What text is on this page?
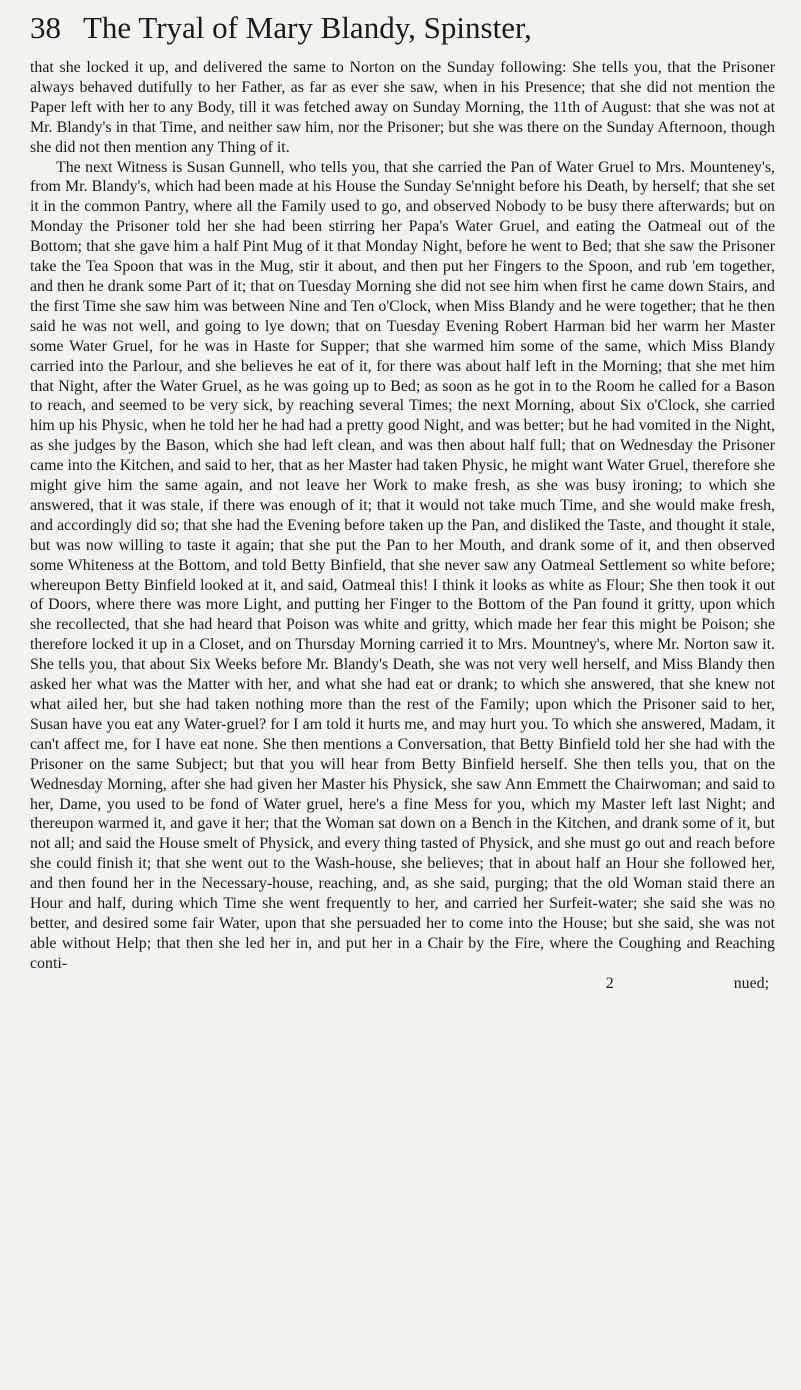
38 The Tryal of Mary Blandy, Spinster,

that she locked it up, and delivered the same to Norton on the Sunday following: She tells you, that the Prisoner always behaved dutifully to her Father, as far as ever she saw, when in his Presence; that she did not mention the Paper left with her to any Body, till it was fetched away on Sunday Morning, the 11th of August: that she was not at Mr. Blandy's in that Time, and neither saw him, nor the Prisoner; but she was there on the Sunday Afternoon, though she did not then mention any Thing of it.

The next Witness is Susan Gunnell, who tells you, that she carried the Pan of Water Gruel to Mrs. Mounteney's, from Mr. Blandy's, which had been made at his House the Sunday Se'nnight before his Death, by herself; that she set it in the common Pantry, where all the Family used to go, and observed Nobody to be busy there afterwards; but on Monday the Prisoner told her she had been stirring her Papa's Water Gruel, and eating the Oatmeal out of the Bottom; that she gave him a half Pint Mug of it that Monday Night, before he went to Bed; that she saw the Prisoner take the Tea Spoon that was in the Mug, stir it about, and then put her Fingers to the Spoon, and rub 'em together, and then he drank some Part of it; that on Tuesday Morning she did not see him when first he came down Stairs, and the first Time she saw him was between Nine and Ten o'Clock, when Miss Blandy and he were together; that he then said he was not well, and going to lye down; that on Tuesday Evening Robert Harman bid her warm her Master some Water Gruel, for he was in Haste for Supper; that she warmed him some of the same, which Miss Blandy carried into the Parlour, and she believes he eat of it, for there was about half left in the Morning; that she met him that Night, after the Water Gruel, as he was going up to Bed; as soon as he got in to the Room he called for a Bason to reach, and seemed to be very sick, by reaching several Times; the next Morning, about Six o'Clock, she carried him up his Physic, when he told her he had had a pretty good Night, and was better; but he had vomited in the Night, as she judges by the Bason, which she had left clean, and was then about half full; that on Wednesday the Prisoner came into the Kitchen, and said to her, that as her Master had taken Physic, he might want Water Gruel, therefore she might give him the same again, and not leave her Work to make fresh, as she was busy ironing; to which she answered, that it was stale, if there was enough of it; that it would not take much Time, and she would make fresh, and accordingly did so; that she had the Evening before taken up the Pan, and disliked the Taste, and thought it stale, but was now willing to taste it again; that she put the Pan to her Mouth, and drank some of it, and then observed some Whiteness at the Bottom, and told Betty Binfield, that she never saw any Oatmeal Settlement so white before; whereupon Betty Binfield looked at it, and said, Oatmeal this! I think it looks as white as Flour; She then took it out of Doors, where there was more Light, and putting her Finger to the Bottom of the Pan found it gritty, upon which she recollected, that she had heard that Poison was white and gritty, which made her fear this might be Poison; she therefore locked it up in a Closet, and on Thursday Morning carried it to Mrs. Mountney's, where Mr. Norton saw it. She tells you, that about Six Weeks before Mr. Blandy's Death, she was not very well herself, and Miss Blandy then asked her what was the Matter with her, and what she had eat or drank; to which she answered, that she knew not what ailed her, but she had taken nothing more than the rest of the Family; upon which the Prisoner said to her, Susan have you eat any Water-gruel? for I am told it hurts me, and may hurt you. To which she answered, Madam, it can't affect me, for I have eat none. She then mentions a Conversation, that Betty Binfield told her she had with the Prisoner on the same Subject; but that you will hear from Betty Binfield herself. She then tells you, that on the Wednesday Morning, after she had given her Master his Physick, she saw Ann Emmett the Chairwoman; and said to her, Dame, you used to be fond of Water gruel, here's a fine Mess for you, which my Master left last Night; and thereupon warmed it, and gave it her; that the Woman sat down on a Bench in the Kitchen, and drank some of it, but not all; and said the House smelt of Physick, and every thing tasted of Physick, and she must go out and reach before she could finish it; that she went out to the Wash-house, she believes; that in about half an Hour she followed her, and then found her in the Necessary-house, reaching, and, as she said, purging; that the old Woman staid there an Hour and half, during which Time she went frequently to her, and carried her Surfeit-water; she said she was no better, and desired some fair Water, upon that she persuaded her to come into the House; but she said, she was not able without Help; that then she led her in, and put her in a Chair by the Fire, where the Coughing and Reaching conti-

2	nued;
